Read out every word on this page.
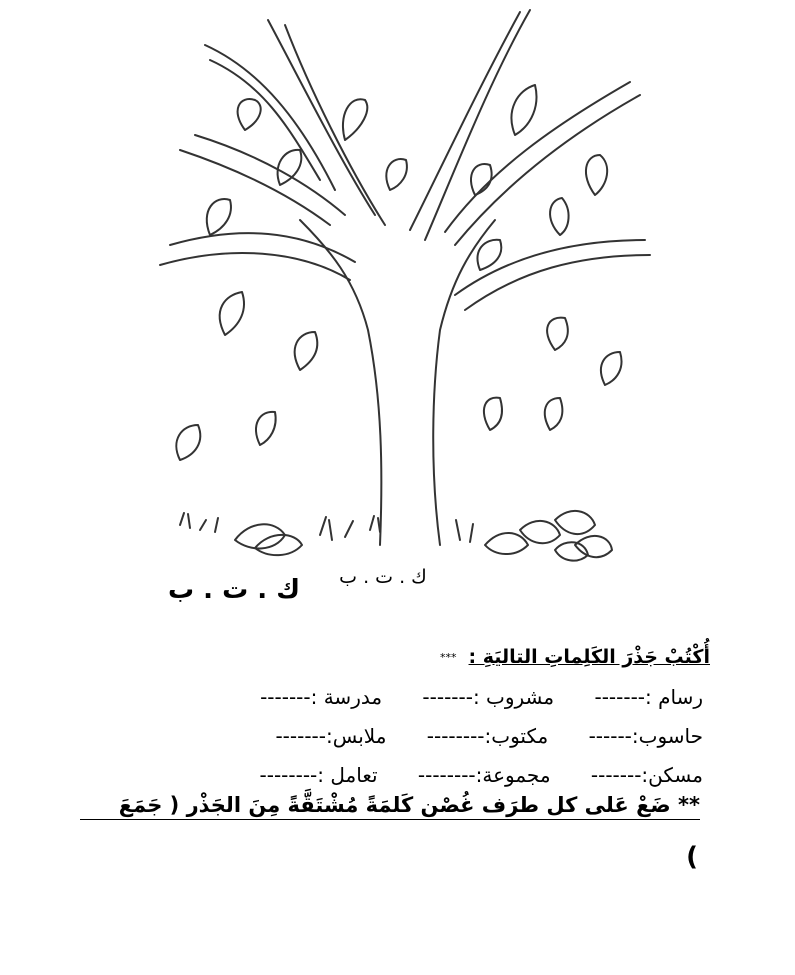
ك . ت . ب
ك . ت . ب
أُكْتُبْ جَذْرَ الكَلِماتِ التاليَةِ : ***
رسام :------- مشروب :------- مدرسة :-------
حاسوب:------ مكتوب:-------- ملابس:-------
مسكن:------- مجموعة:-------- تعامل :--------
** ضَعْ عَلى كل طرَف غُصْن كَلمَةً مُشْتَقَّةً مِنَ الجَذْر ( جَمَعَ
)
